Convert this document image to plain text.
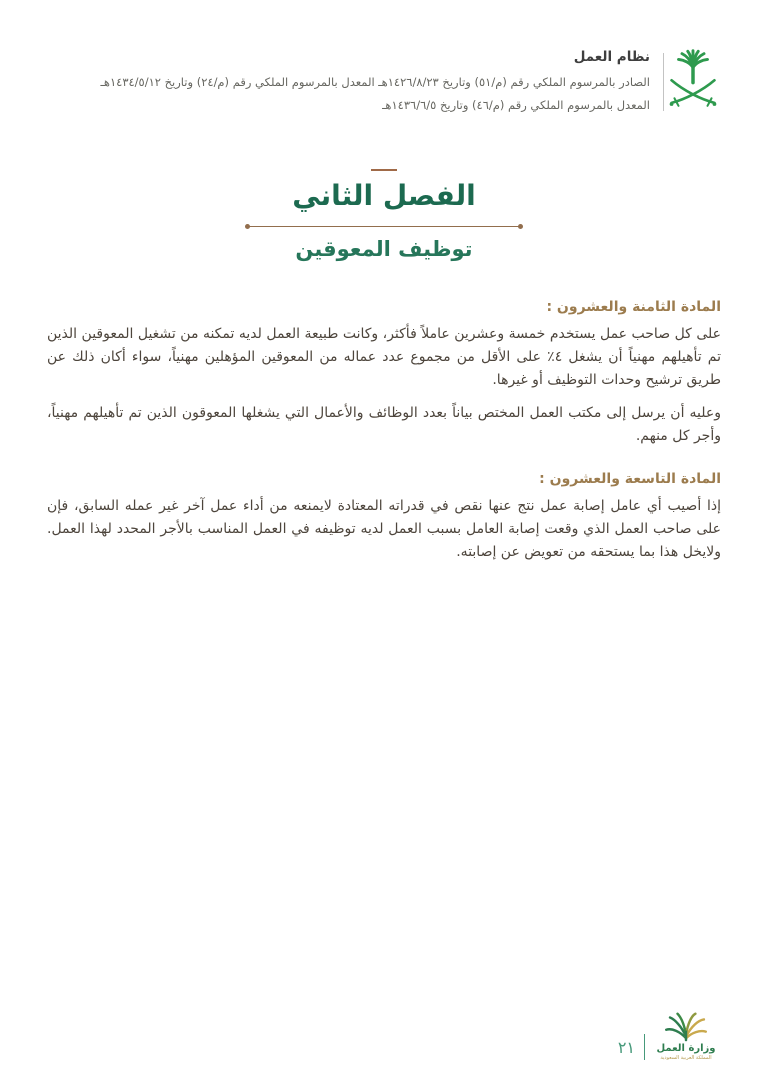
نظام العمل
الصادر بالمرسوم الملكي رقم (م/٥١) وتاريخ ١٤٢٦/٨/٢٣هـ المعدل بالمرسوم الملكي رقم (م/٢٤) وتاريخ ١٤٣٤/٥/١٢هـ
المعدل بالمرسوم الملكي رقم (م/٤٦) وتاريخ ١٤٣٦/٦/٥هـ
الفصل الثاني
توظيف المعوقين
المادة الثامنة والعشرون :

على كل صاحب عمل يستخدم خمسة وعشرين عاملاً فأكثر، وكانت طبيعة العمل لديه تمكنه من تشغيل المعوقين الذين تم تأهيلهم مهنياً أن يشغل ٤٪ على الأقل من مجموع عدد عماله من المعوقين المؤهلين مهنياً، سواء أكان ذلك عن طريق ترشيح وحدات التوظيف أو غيرها.

وعليه أن يرسل إلى مكتب العمل المختص بياناً بعدد الوظائف والأعمال التي يشغلها المعوقون الذين تم تأهيلهم مهنياً، وأجر كل منهم.

المادة التاسعة والعشرون :

إذا أصيب أي عامل إصابة عمل نتج عنها نقص في قدراته المعتادة لايمنعه من أداء عمل آخر غير عمله السابق، فإن على صاحب العمل الذي وقعت إصابة العامل بسبب العمل لديه توظيفه في العمل المناسب بالأجر المحدد لهذا العمل. ولايخل هذا بما يستحقه من تعويض عن إصابته.

وزارة العمل
المملكة العربية السعودية
٢١
